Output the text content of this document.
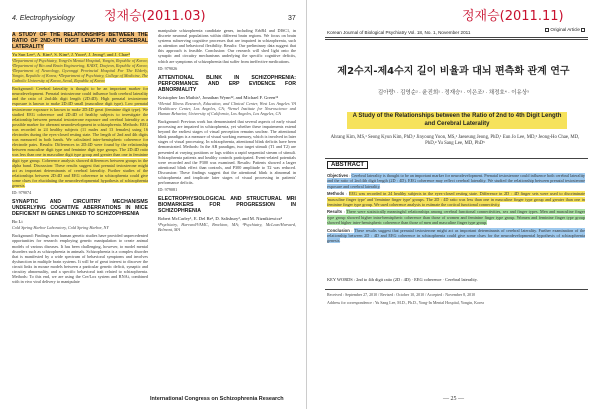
4. Electrophysiology 정재승(2011.03)	37
A STUDY OF THE RELATIONSHIPS BETWEEN THE RATIO OF 2ND:4TH DIGIT LENGTH AND CEREBRAL LATERALITY
Yu Sun Lee¹, A. Kim², S. Kim², J. Yoon², J. Jeong³, and J. Chae⁴
¹Department of Psychiatry, Yong-In Mental Hospital, Yongin, Republic of Korea; ²Department of Bio and Brain Engineering, KAIST, Daejeon, Republic of Korea; ³Department of Neurology, Gyeonggi Provincial Hospital For The Elderly, Yongin, Republic of Korea; ⁴Department of Psychiatry, College of Medicine, The Catholic University of Korea, Seoul, Republic of Korea

Background: Cerebral laterality is thought to be an important marker for neurodevelopment. Prenatal testosterone could influence both cerebral laterality and the ratio of 2nd:4th digit length (2D:4D). High prenatal testosterone exposure is known to make 2D:4D small (masculine digit type). Low prenatal testosterone exposure is known to make 2D:4D great (feminine digit type). We studied EEG coherence and 2D:4D of healthy subjects to investigate the relationship between prenatal testosterone exposure and cerebral laterality as a possible marker for aberrant neurodevelopment in schizophrenia. Methods: EEG was recorded in 24 healthy subjects (11 males and 13 females) using 16 electrodes during the eyes-closed resting state. The length of 2nd and 4th digits was measured in both hands. We calculated inter-hemispheric coherence for electrode pairs. Results: Differences in 2D:4D were found by the relationship between masculine digit type and feminine digit type groups. The 2D:4D ratio was less than one in masculine digit type group and greater than one in feminine digit type group. Coherence analysis showed differences between groups in the alpha band. Discussion: These results suggest that prenatal testosterone might act as important determinants of cerebral laterality. Further studies of the relationships between 2D:4D and EEG coherence in schizophrenia could give some clues for elucidating the neurodevelopmental hypothesis of schizophrenia genesis.

ID: 979074

SYNAPTIC AND CIRCUITRY MECHANISMS UNDERLYING COGNITIVE ABERRATIONS IN MICE DEFICIENT IN GENES LINKED TO SCHIZOPHRENIA
Bo Li
Cold Spring Harbor Laboratory, Cold Spring Harbor, NY

Background: Findings from human genetic studies have provided unprecedented opportunities for research employing genetic manipulation to create animal models of various diseases. It has been challenging, however, to model mental disorders such as schizophrenia in animals. Schizophrenia is a complex disorder that is manifested by a wide spectrum of behavioral symptoms and involves dysfunction in multiple brain systems. It will be of great interest to discover the circuit links in mouse models between a particular genetic deficit, synaptic and circuitry abnormality, and a specific behavioral trait related to schizophrenia. Methods: To this end, we are using the Cre/Lox system and RNAi, combined with in vivo viral delivery to manipulate

manipulate schizophrenia candidate genes, including ErbB4 and DISC1, in discrete neuronal populations within different brain regions. We focus on brain systems subserving cognitive processes that are impaired in schizophrenia, such as attention and behavioral flexibility. Results: Our preliminary data suggest that this approach is feasible. Conclusion: Our research will shed light onto the synaptic and circuitry mechanisms underlying the specific cognitive deficits, which are symptoms of schizophrenia that suffer from ineffective medications.

ID: 979026

ATTENTIONAL BLINK IN SCHIZOPHRENIA: PERFORMANCE AND ERP EVIDENCE FOR ABNORMALITY
Kristopher Ian Mathis¹, Jonathan Wynn¹², and Michael F. Green¹²
¹Mental Illness Research, Education, and Clinical Center, West Los Angeles VA Healthcare Center, Los Angeles, CA; ²Semel Institute for Neuroscience and Human Behavior, University of California, Los Angeles, Los Angeles, CA

Background: Previous work has demonstrated that several aspects of early visual processing are impaired in schizophrenia, yet whether these impairments extend beyond the earliest stages of visual perception remains unclear. The attentional blink paradigm is a measure of visual working memory, which is involved in later stages of visual processing. In schizophrenia, attentional blink deficits have been demonstrated. Methods: In the AB paradigm, two target stimuli (T1 and T2) are presented at varying positions or lags within a rapid sequential stream of stimuli. Schizophrenia patients and healthy controls participated. Event-related potentials were recorded and the P300 was examined. Results: Patients showed a larger attentional blink effect than controls, and P300 amplitude to T2 was reduced. Discussion: These findings suggest that the attentional blink is abnormal in schizophrenia and implicate later stages of visual processing in patients' performance deficits.

ID: 979081

ELECTROPHYSIOLOGICAL AND STRUCTURAL MRI BIOMARKERS FOR PROGRESSION IN SCHIZOPHRENIA
Robert McCarley¹, E. Del Re², D. Salisbury², and M. Niznikiewicz²
¹Psychiatry, Harvard/VAMC, Brockton, MA; ²Psychiatry, McLean/Harvard, Belmont, MA
International Congress on Schizophrenia Research
정재승(2011.11)
Korean Journal of Biological Psychiatry Vol. 18, No. 1, November 2011
Original Article
제2수지-제4수지 길이 비율과 대뇌 편측화 관계 연구
김아랑¹ · 김영순² · 윤진희¹ · 정재승¹ · 이은조³ · 채정호⁴ · 이유상⁵
A Study of the Relationships between the Ratio of 2nd to 4th Digit Length and Cerebral Laterality
Ahrang Kim, MS,¹ Seong Kyun Kim, PhD,² Jinyoung Yoon, MS,¹ Jaeseung Jeong, PhD,¹ Eun Jo Lee, MD,³ Jeong-Ho Chae, MD, PhD,⁴ Yu Sang Lee, MD, PhD⁵
ABSTRACT

Objectives : Cerebral laterality is thought to be an important marker for neurodevelopment. Prenatal testosterone could influence both cerebral laterality and the ratio of 2nd:4th digit length (2D : 4D). EEG coherence may reflect cerebral laterality. We studied the relationship between prenatal testosterone exposure and cerebral laterality.

Methods : EEG was recorded in 24 healthy subjects in the eyes-closed resting state. Difference in 2D : 4D finger sets were used to discriminate 'masculine finger type' and 'feminine finger type' groups. The 2D : 4D ratio was less than one in masculine finger type group and greater than one in feminine finger type group. We used coherence analysis to estimate the cortical functional connectivity.

Results : There were statistically meaningful relationships among cerebral functional connectivities, sex and finger types. Men and masculine finger type group showed higher intra-hemispheric coherence than those of women and feminine finger type group. Women and feminine finger type group showed higher inter-hemispheric coherence than those of men and masculine finger type group.

Conclusion : These results suggest that prenatal testosterone might act as important determinants of cerebral laterality. Further examination of the relationship between 2D : 4D and EEG coherence in schizophrenia could give some clues for the neurodevelopmental hypothesis of schizophrenia genesis.

KEY WORDS : 2nd to 4th digit ratio (2D : 4D) · EEG coherence · Cerebral laterality.
Received : September 27, 2010 / Revised : October 10, 2010 / Accepted : November 8, 2010
Address for correspondence : Yu Sang Lee, M.D., Ph.D., Yong-In Mental Hospital, Yongin, Korea
— 25 —
